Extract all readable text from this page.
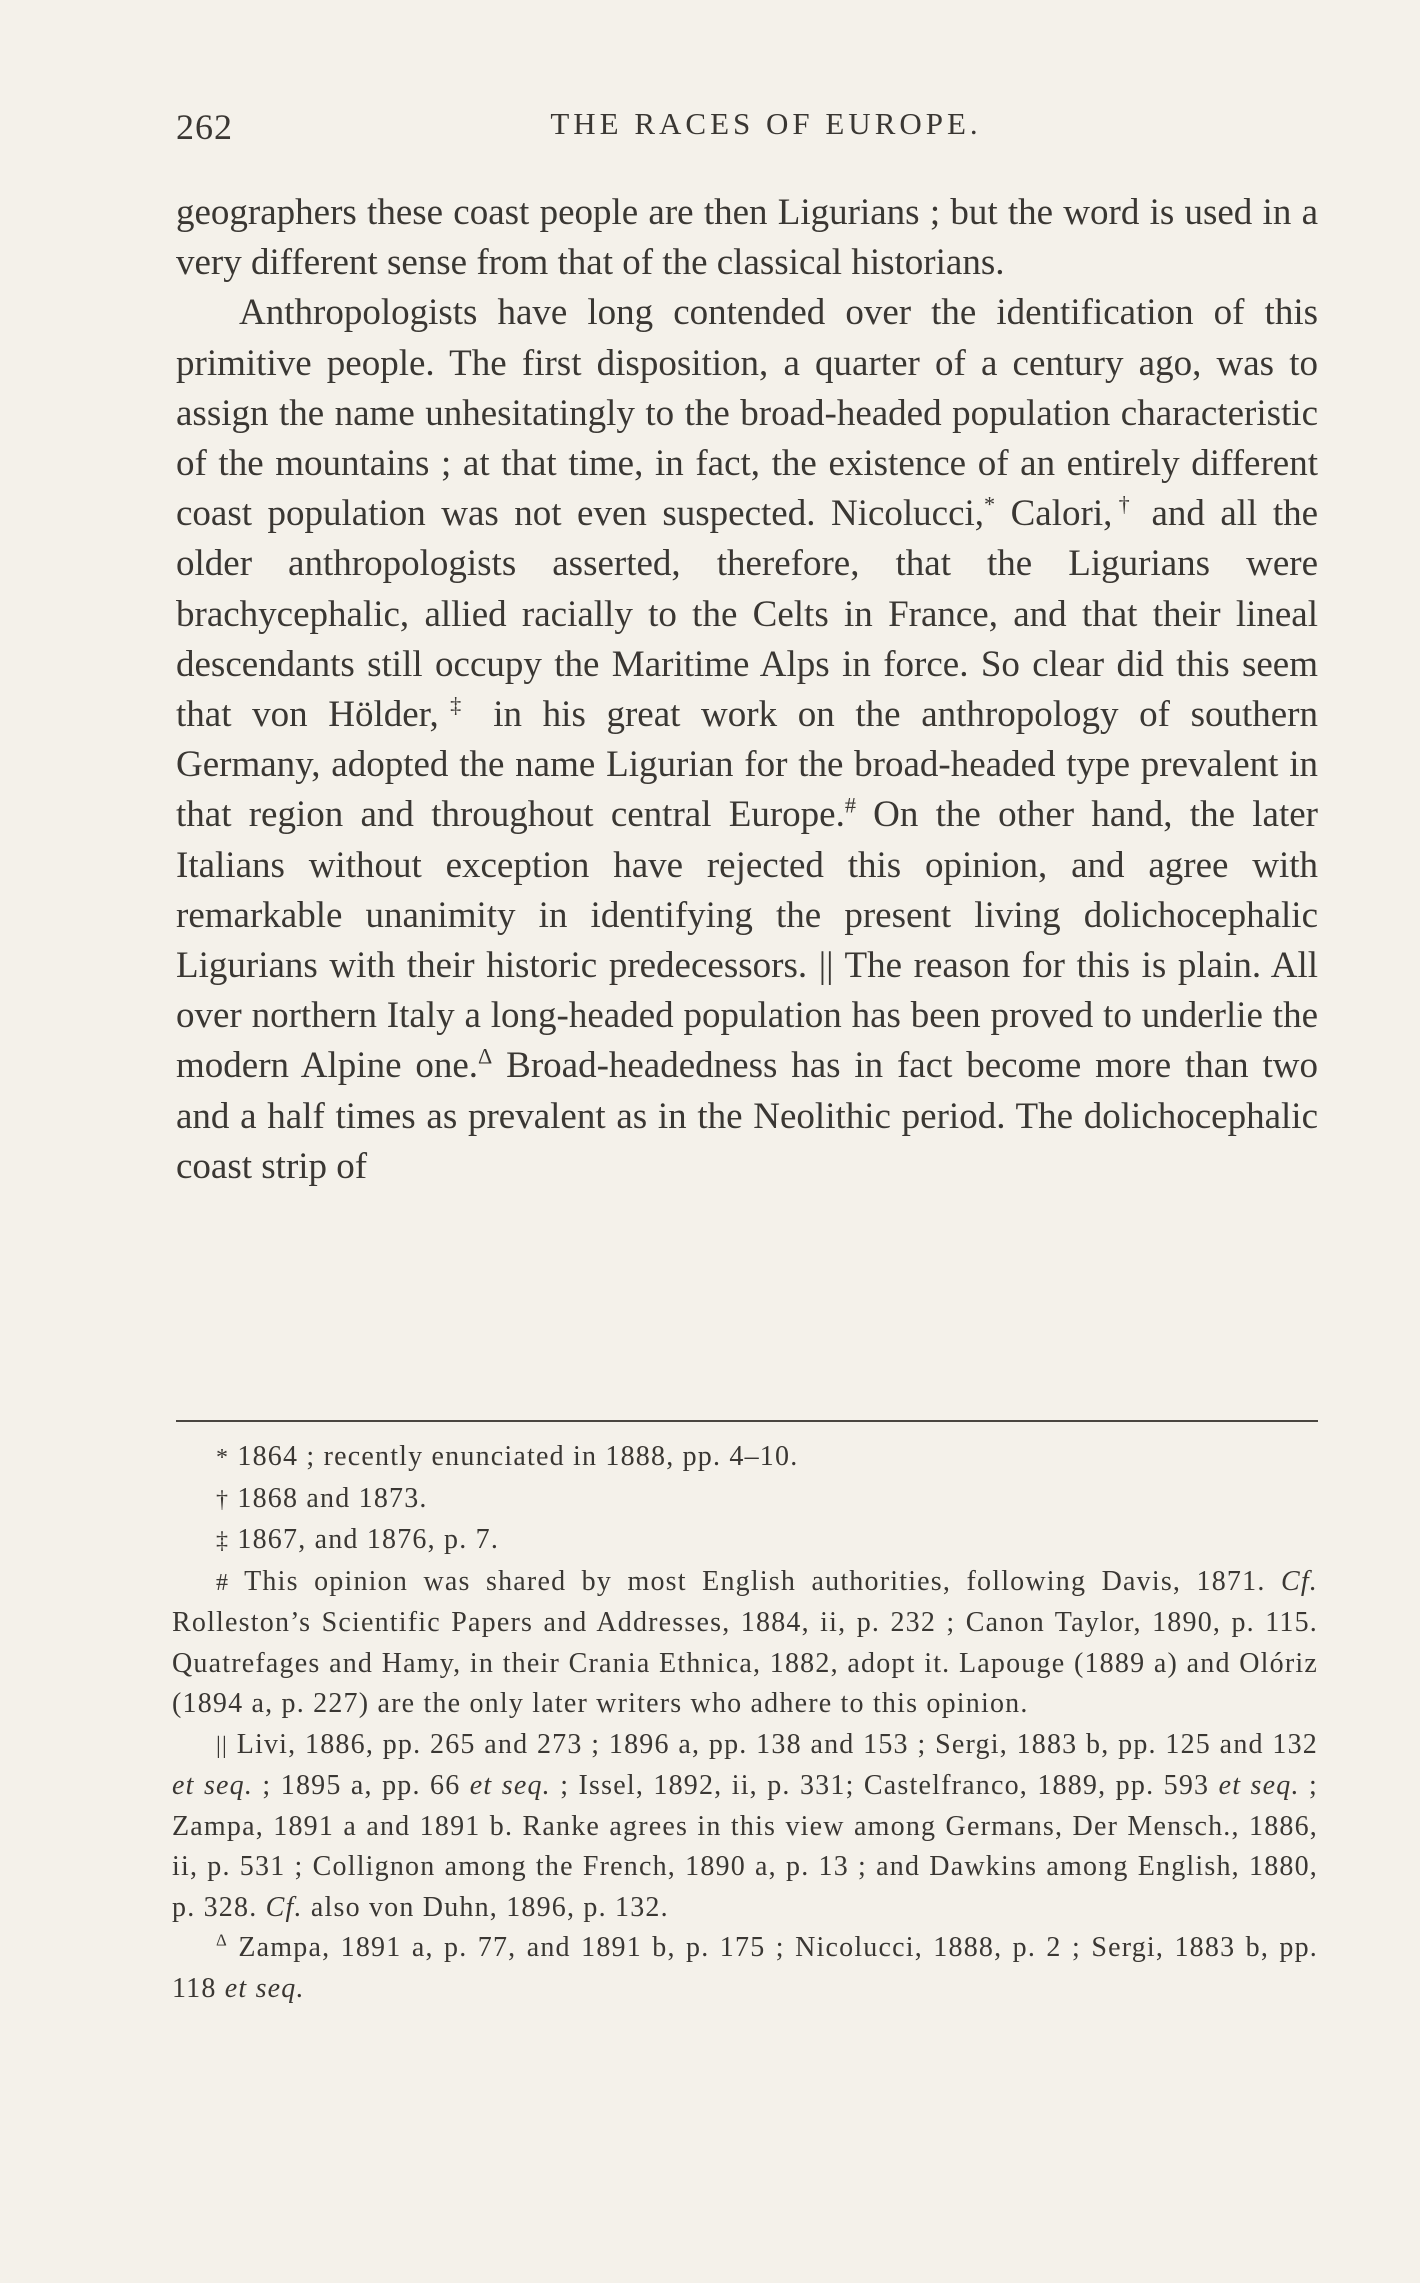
262	THE RACES OF EUROPE.

geographers these coast people are then Ligurians ; but the word is used in a very different sense from that of the classical historians.

Anthropologists have long contended over the identification of this primitive people. The first disposition, a quarter of a century ago, was to assign the name unhesitatingly to the broad-headed population characteristic of the mountains ; at that time, in fact, the existence of an entirely different coast population was not even suspected. Nicolucci,* Calori,† and all the older anthropologists asserted, therefore, that the Ligurians were brachycephalic, allied racially to the Celts in France, and that their lineal descendants still occupy the Maritime Alps in force. So clear did this seem that von Hölder,‡ in his great work on the anthropology of southern Germany, adopted the name Ligurian for the broad-headed type prevalent in that region and throughout central Europe.# On the other hand, the later Italians without exception have rejected this opinion, and agree with remarkable unanimity in identifying the present living dolichocephalic Ligurians with their historic predecessors. || The reason for this is plain. All over northern Italy a long-headed population has been proved to underlie the modern Alpine one.$^\Delta$ Broad-headedness has in fact become more than two and a half times as prevalent as in the Neolithic period. The dolichocephalic coast strip of

* 1864 ; recently enunciated in 1888, pp. 4–10.

† 1868 and 1873.

‡ 1867, and 1876, p. 7.

# This opinion was shared by most English authorities, following Davis, 1871. Cf. Rolleston’s Scientific Papers and Addresses, 1884, ii, p. 232 ; Canon Taylor, 1890, p. 115. Quatrefages and Hamy, in their Crania Ethnica, 1882, adopt it. Lapouge (1889 a) and Olóriz (1894 a, p. 227) are the only later writers who adhere to this opinion.

|| Livi, 1886, pp. 265 and 273 ; 1896 a, pp. 138 and 153 ; Sergi, 1883 b, pp. 125 and 132 et seq. ; 1895 a, pp. 66 et seq. ; Issel, 1892, ii, p. 331; Castelfranco, 1889, pp. 593 et seq. ; Zampa, 1891 a and 1891 b. Ranke agrees in this view among Germans, Der Mensch., 1886, ii, p. 531 ; Collignon among the French, 1890 a, p. 13 ; and Dawkins among English, 1880, p. 328. Cf. also von Duhn, 1896, p. 132.

$^\Delta$ Zampa, 1891 a, p. 77, and 1891 b, p. 175 ; Nicolucci, 1888, p. 2 ; Sergi, 1883 b, pp. 118 et seq.
